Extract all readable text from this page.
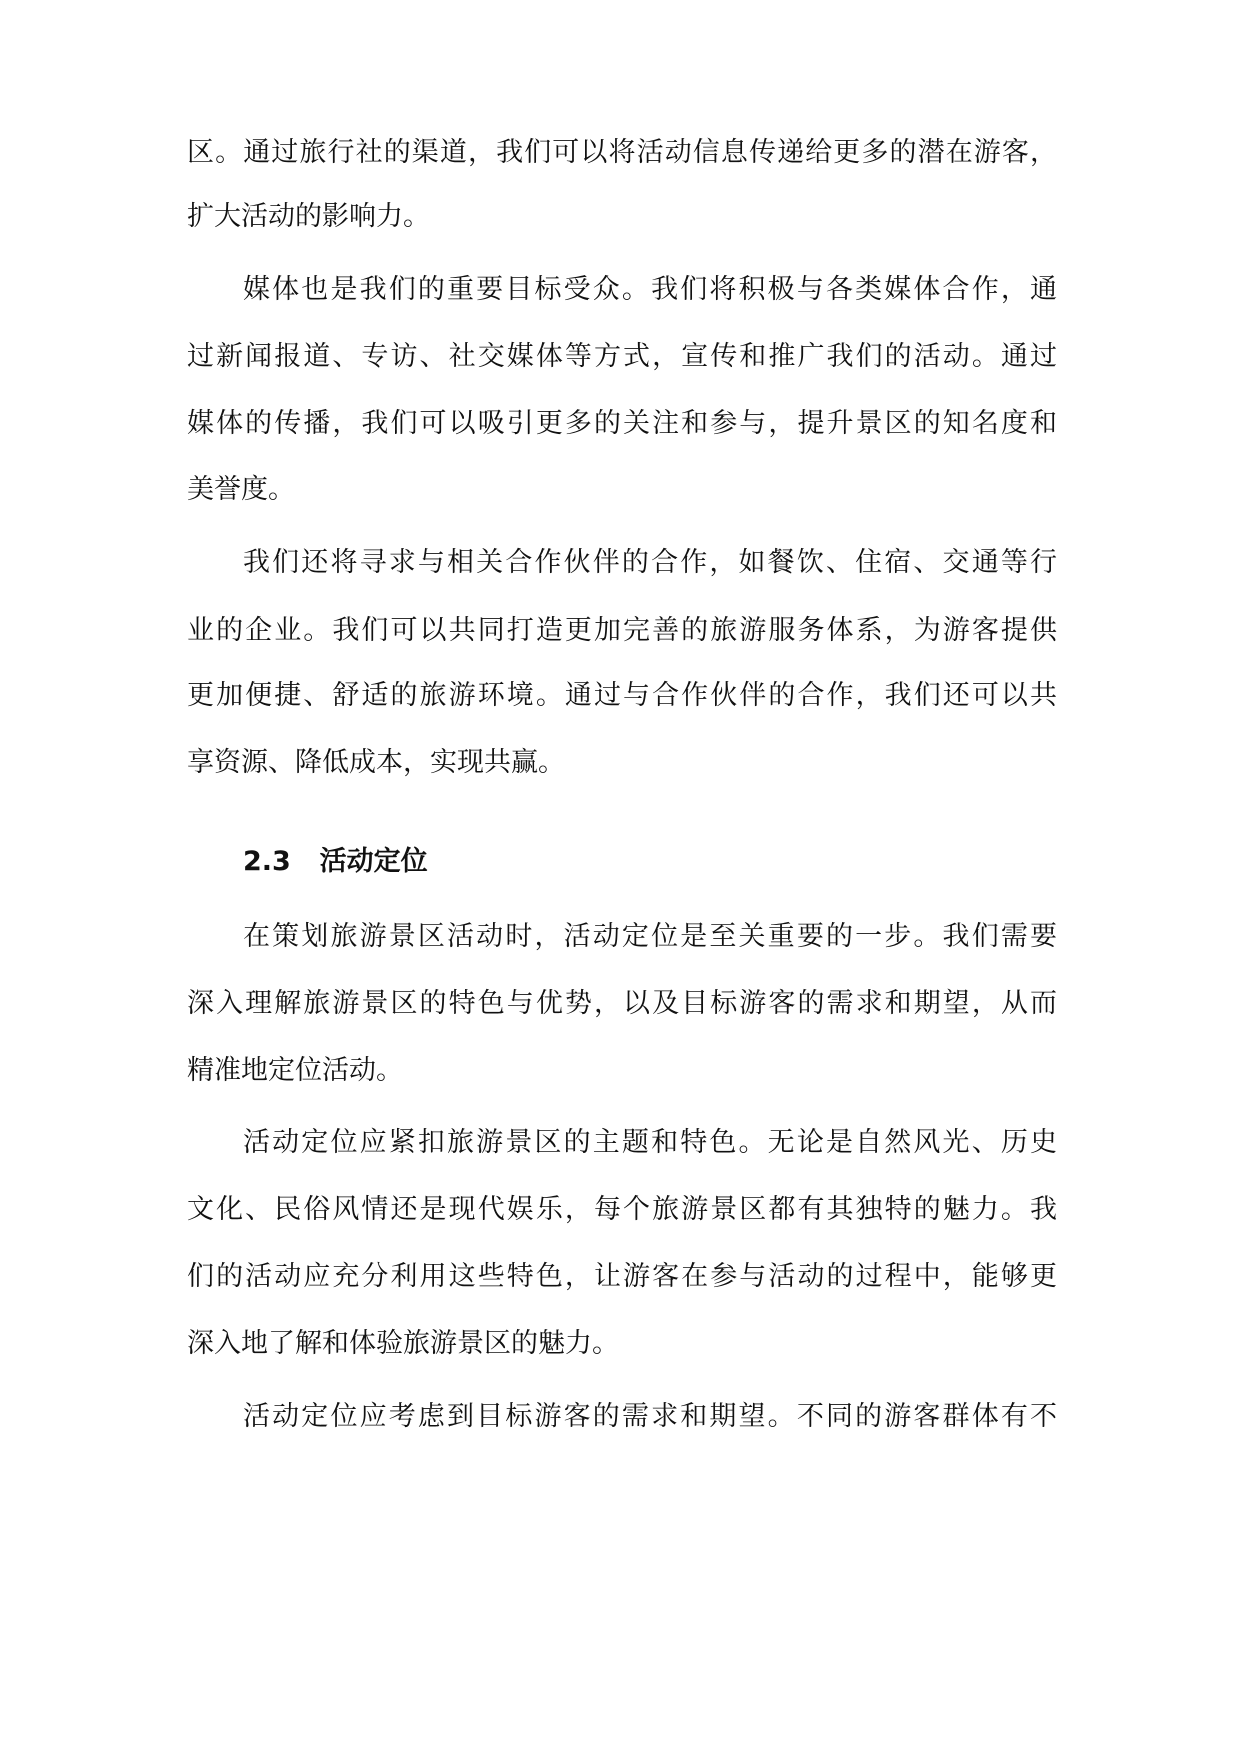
区。通过旅行社的渠道，我们可以将活动信息传递给更多的潜在游客，
扩大活动的影响力。
媒体也是我们的重要目标受众。我们将积极与各类媒体合作，通
过新闻报道、专访、社交媒体等方式，宣传和推广我们的活动。通过
媒体的传播，我们可以吸引更多的关注和参与，提升景区的知名度和
美誉度。
我们还将寻求与相关合作伙伴的合作，如餐饮、住宿、交通等行
业的企业。我们可以共同打造更加完善的旅游服务体系，为游客提供
更加便捷、舒适的旅游环境。通过与合作伙伴的合作，我们还可以共
享资源、降低成本，实现共赢。
2.3 活动定位
在策划旅游景区活动时，活动定位是至关重要的一步。我们需要
深入理解旅游景区的特色与优势，以及目标游客的需求和期望，从而
精准地定位活动。
活动定位应紧扣旅游景区的主题和特色。无论是自然风光、历史
文化、民俗风情还是现代娱乐，每个旅游景区都有其独特的魅力。我
们的活动应充分利用这些特色，让游客在参与活动的过程中，能够更
深入地了解和体验旅游景区的魅力。
活动定位应考虑到目标游客的需求和期望。不同的游客群体有不
